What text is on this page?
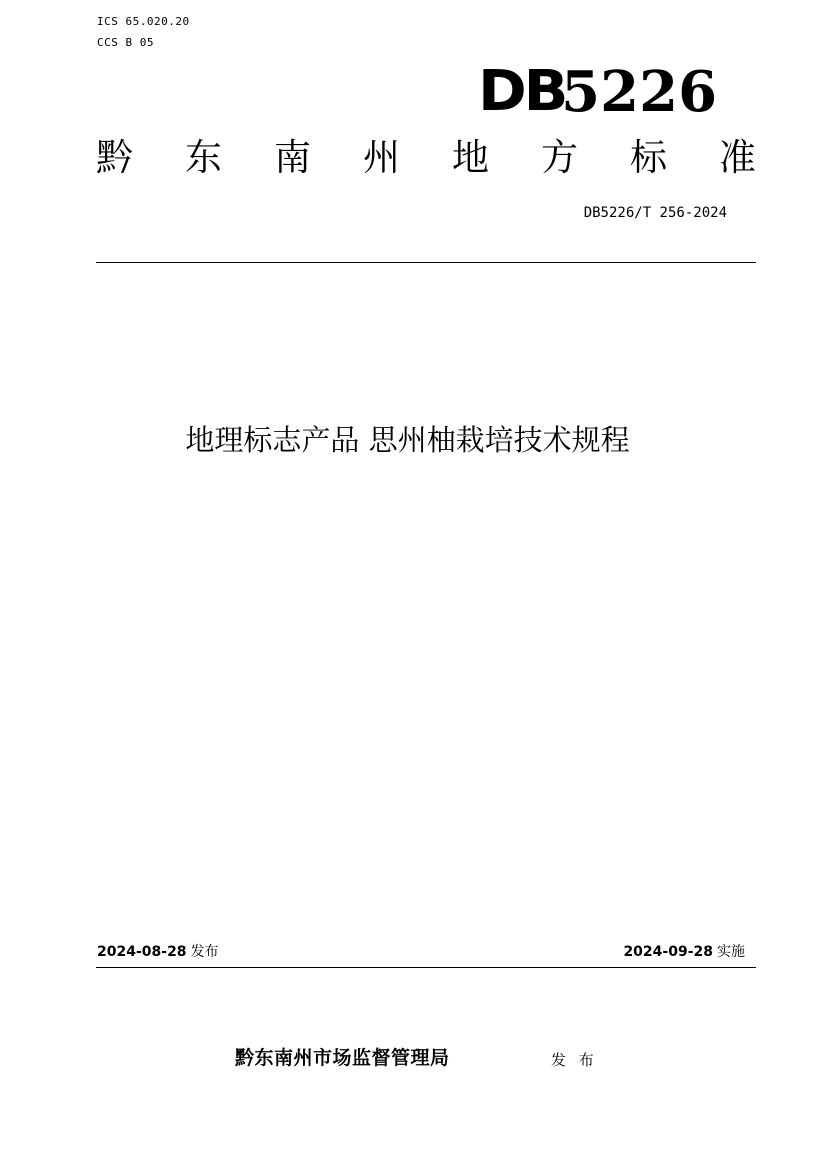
ICS 65.020.20
CCS B 05
DB
5226
黔 东 南 州 地 方 标 准
DB5226/T 256-2024
地理标志产品 思州柚栽培技术规程
2024-08-28 发布	2024-09-28 实施
黔东南州市场监督管理局	发 布
